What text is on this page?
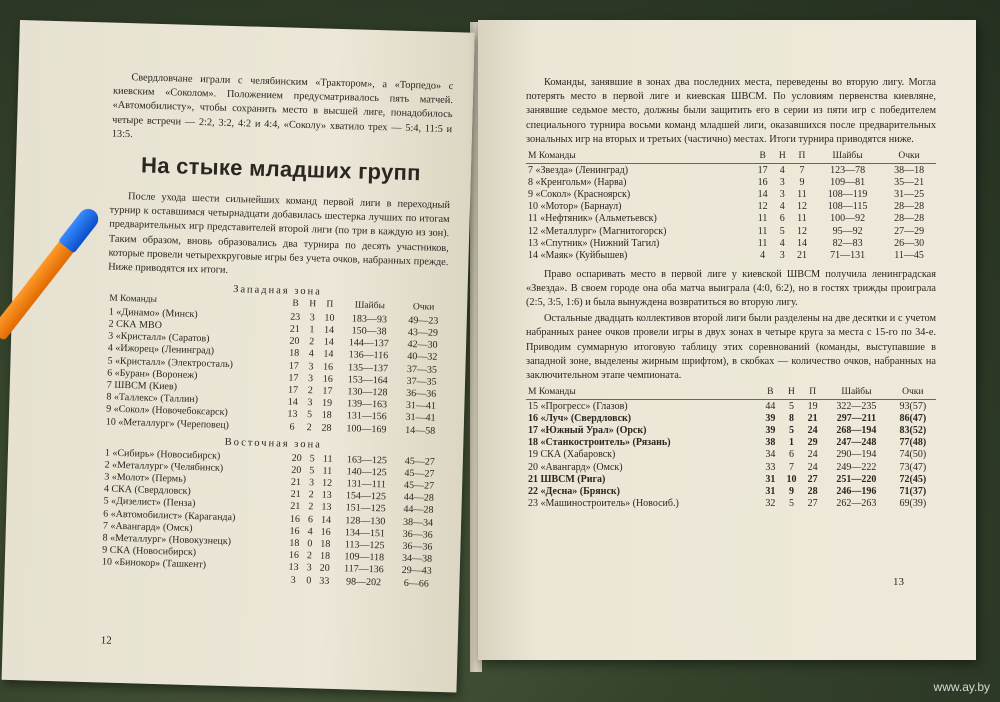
Свердловчане играли с челябинским «Трактором», а «Торпедо» с киевским «Соколом». Положением предусматривалось пять матчей. «Автомобилисту», чтобы сохранить место в высшей лиге, понадобилось четыре встречи — 2:2, 3:2, 4:2 и 4:4, «Соколу» хватило трех — 5:4, 11:5 и 13:5.

На стыке младших групп

После ухода шести сильнейших команд первой лиги в переходный турнир к оставшимся четырнадцати добавилась шестерка лучших по итогам предварительных игр представителей второй лиги (по три в каждую из зон). Таким образом, вновь образовались два турнира по десять участников, которые провели четырехкруговые игры без учета очков, набранных прежде. Ниже приводятся их итоги.

Западная зона
М Команды	В	Н	П	Шайбы	Очки
1 «Динамо» (Минск)	23	3	10	183—93	49—23
2 СКА МВО	21	1	14	150—38	43—29
3 «Кристалл» (Саратов)	20	2	14	144—137	42—30
4 «Ижорец» (Ленинград)	18	4	14	136—116	40—32
5 «Кристалл» (Электросталь)	17	3	16	135—137	37—35
6 «Буран» (Воронеж)	17	3	16	153—164	37—35
7 ШВСМ (Киев)	17	2	17	130—128	36—36
8 «Таллекс» (Таллин)	14	3	19	139—163	31—41
9 «Сокол» (Новочебоксарск)	13	5	18	131—156	31—41
10 «Металлург» (Череповец)	6	2	28	100—169	14—58
Восточная зона
1 «Сибирь» (Новосибирск)	20	5	11	163—125	45—27
2 «Металлург» (Челябинск)	20	5	11	140—125	45—27
3 «Молот» (Пермь)	21	3	12	131—111	45—27
4 СКА (Свердловск)	21	2	13	154—125	44—28
5 «Дизелист» (Пенза)	21	2	13	151—125	44—28
6 «Автомобилист» (Караганда)	16	6	14	128—130	38—34
7 «Авангард» (Омск)	16	4	16	134—151	36—36
8 «Металлург» (Новокузнецк)	18	0	18	113—125	36—36
9 СКА (Новосибирск)	16	2	18	109—118	34—38
10 «Бинокор» (Ташкент)	13	3	20	117—136	29—43
	3	0	33	98—202	6—66
12

Команды, занявшие в зонах два последних места, переведены во вторую лигу. Могла потерять место в первой лиге и киевская ШВСМ. По условиям первенства киевляне, занявшие седьмое место, должны были защитить его в серии из пяти игр с победителем специального турнира восьми команд младшей лиги, оказавшихся после предварительных зональных игр на вторых и третьих (частично) местах. Итоги турнира приводятся ниже.

М Команды	В	Н	П	Шайбы	Очки
7 «Звезда» (Ленинград)	17	4	7	123—78	38—18
8 «Кренгольм» (Нарва)	16	3	9	109—81	35—21
9 «Сокол» (Красноярск)	14	3	11	108—119	31—25
10 «Мотор» (Барнаул)	12	4	12	108—115	28—28
11 «Нефтяник» (Альметьевск)	11	6	11	100—92	28—28
12 «Металлург» (Магнитогорск)	11	5	12	95—92	27—29
13 «Спутник» (Нижний Тагил)	11	4	14	82—83	26—30
14 «Маяк» (Куйбышев)	4	3	21	71—131	11—45

Право оспаривать место в первой лиге у киевской ШВСМ получила ленинградская «Звезда». В своем городе она оба матча выиграла (4:0, 6:2), но в гостях трижды проиграла (2:5, 3:5, 1:6) и была вынуждена возвратиться во вторую лигу.

Остальные двадцать коллективов второй лиги были разделены на две десятки и с учетом набранных ранее очков провели игры в двух зонах в четыре круга за места с 15-го по 34-е. Приводим суммарную итоговую таблицу этих соревнований (команды, выступавшие в западной зоне, выделены жирным шрифтом), в скобках — количество очков, набранных на заключительном этапе чемпионата.

М Команды	В	Н	П	Шайбы	Очки
15 «Прогресс» (Глазов)	44	5	19	322—235	93(57)
16 «Луч» (Свердловск)	39	8	21	297—211	86(47)
17 «Южный Урал» (Орск)	39	5	24	268—194	83(52)
18 «Станкостроитель» (Рязань)	38	1	29	247—248	77(48)
19 СКА (Хабаровск)	34	6	24	290—194	74(50)
20 «Авангард» (Омск)	33	7	24	249—222	73(47)
21 ШВСМ (Рига)	31	10	27	251—220	72(45)
22 «Десна» (Брянск)	31	9	28	246—196	71(37)
23 «Машиностроитель» (Новосиб.)	32	5	27	262—263	69(39)
13
www.ay.by
